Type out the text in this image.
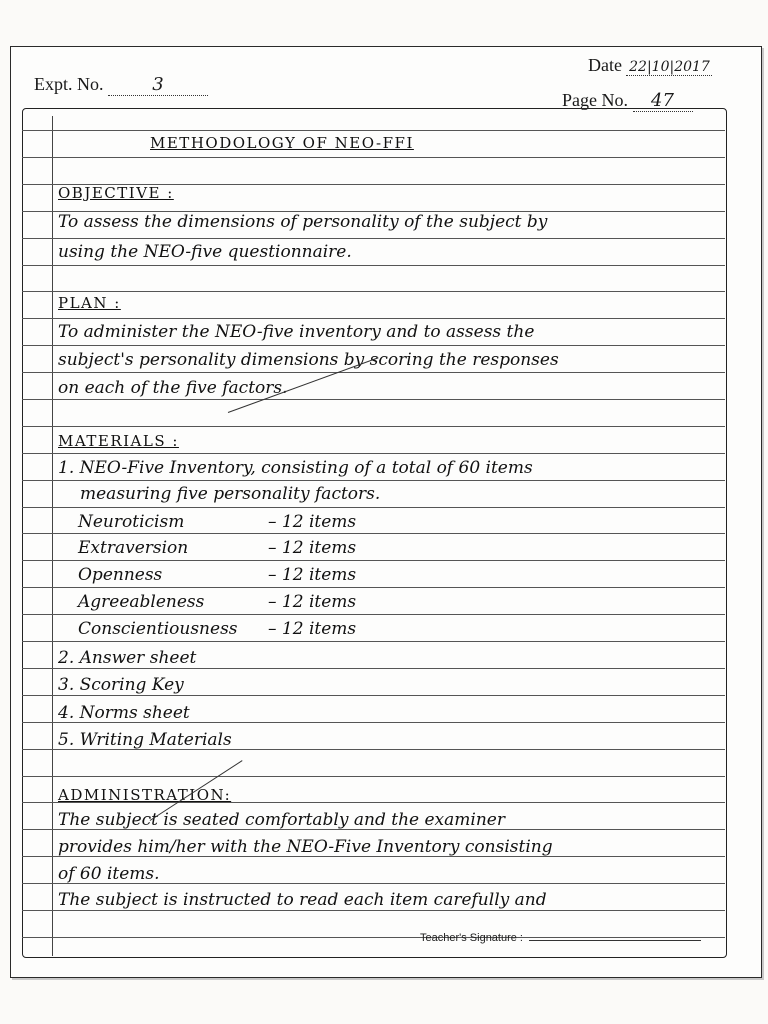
Expt. No.	3
Date 22|10|2017
Page No. 47
METHODOLOGY OF NEO-FFI
OBJECTIVE :
To assess the dimensions of personality of the subject by
using the NEO-five questionnaire.
PLAN :
To administer the NEO-five inventory and to assess the
subject's personality dimensions by scoring the responses
on each of the five factors.
MATERIALS :
1. NEO-Five Inventory, consisting of a total of 60 items
measuring five personality factors.
Neuroticism	– 12 items
Extraversion	– 12 items
Openness	– 12 items
Agreeableness	– 12 items
Conscientiousness – 12 items
2. Answer sheet
3. Scoring Key
4. Norms sheet
5. Writing Materials
ADMINISTRATION:
The subject is seated comfortably and the examiner
provides him/her with the NEO-Five Inventory consisting
of 60 items.
The subject is instructed to read each item carefully and
Teacher's Signature :
